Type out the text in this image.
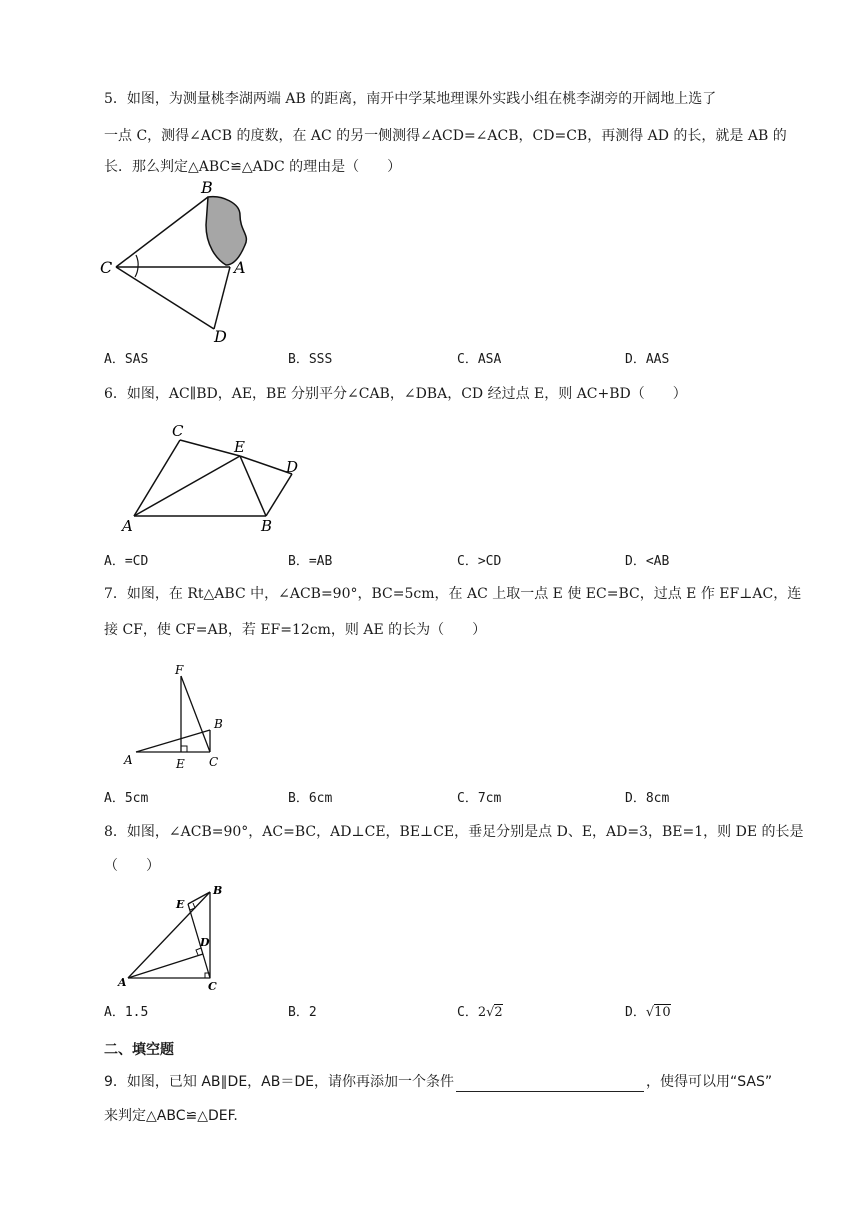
5．如图，为测量桃李湖两端 AB 的距离，南开中学某地理课外实践小组在桃李湖旁的开阔地上选了
一点 C，测得∠ACB 的度数，在 AC 的另一侧测得∠ACD=∠ACB，CD=CB，再测得 AD 的长，就是 AB 的
长．那么判定△ABC≌△ADC 的理由是（　　）
B
C	A
D
A．SAS	B．SSS	C．ASA	D．AAS
6．如图，AC∥BD，AE，BE 分别平分∠CAB，∠DBA，CD 经过点 E，则 AC+BD（　　）
C
E
D
A	B
A．=CD	B．=AB	C．>CD	D．<AB
7．如图，在 Rt△ABC 中，∠ACB=90°，BC=5cm，在 AC 上取一点 E 使 EC=BC，过点 E 作 EF⊥AC，连
接 CF，使 CF=AB，若 EF=12cm，则 AE 的长为（　　）
F
B
A	E C
A．5cm	B．6cm	C．7cm	D．8cm
8．如图，∠ACB=90°，AC=BC，AD⊥CE，BE⊥CE，垂足分别是点 D、E，AD=3，BE=1，则 DE 的长是
（　　）
E
B
D
A	C
A．1.5	B．2	C．2√2	D．√10
二、填空题
9．如图，已知 AB∥DE，AB＝DE，请你再添加一个条件	，使得可以用“SAS”
来判定△ABC≌△DEF.
